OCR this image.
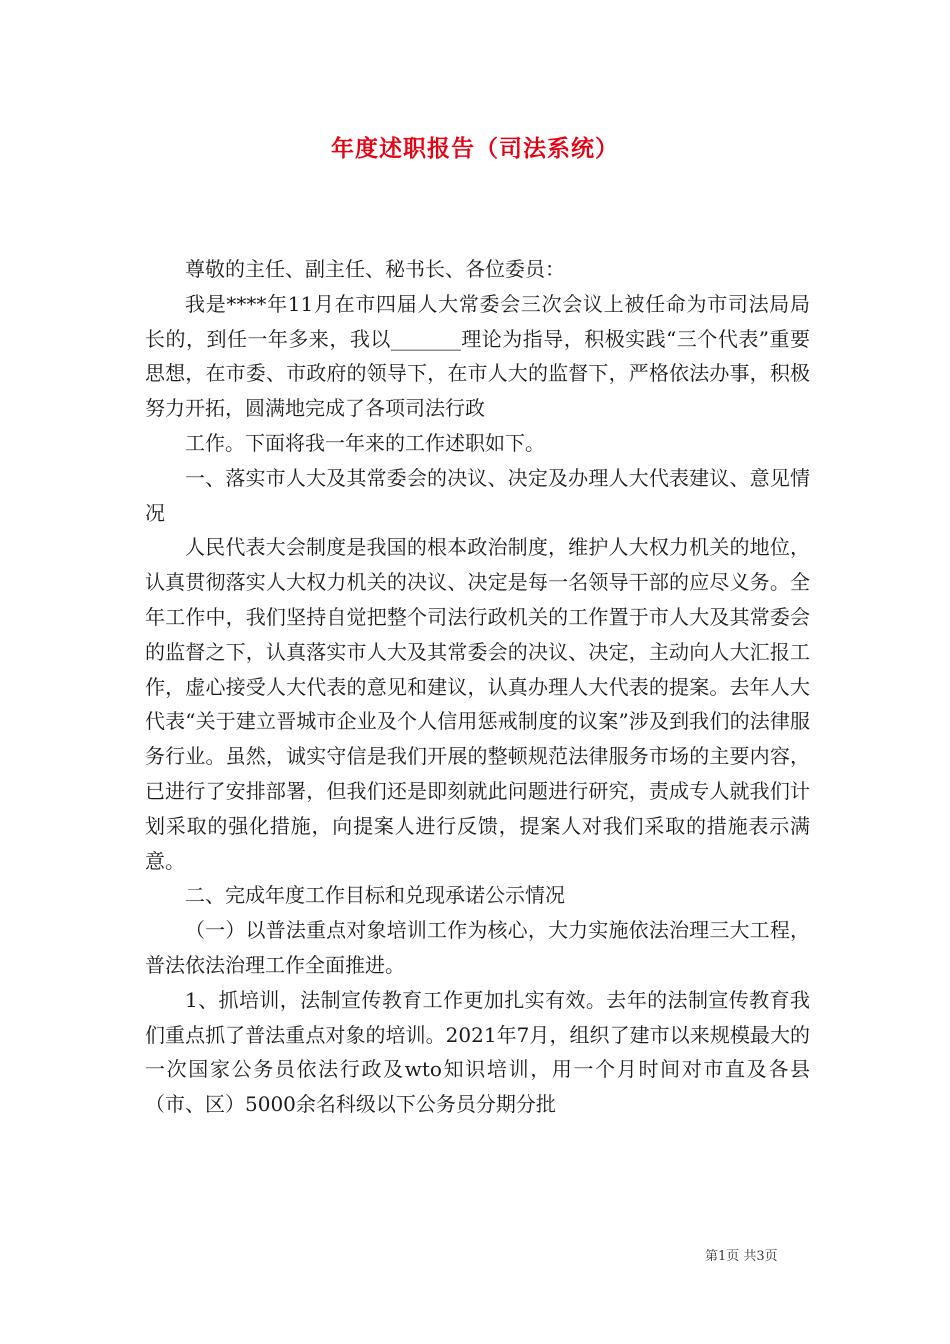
年度述职报告（司法系统）

尊敬的主任、副主任、秘书长、各位委员：

我是****年11月在市四届人大常委会三次会议上被任命为市司法局局长的，到任一年多来，我以_______理论为指导，积极实践“三个代表”重要思想，在市委、市政府的领导下，在市人大的监督下，严格依法办事，积极努力开拓，圆满地完成了各项司法行政

工作。下面将我一年来的工作述职如下。

一、落实市人大及其常委会的决议、决定及办理人大代表建议、意见情况

人民代表大会制度是我国的根本政治制度，维护人大权力机关的地位，认真贯彻落实人大权力机关的决议、决定是每一名领导干部的应尽义务。全年工作中，我们坚持自觉把整个司法行政机关的工作置于市人大及其常委会的监督之下，认真落实市人大及其常委会的决议、决定，主动向人大汇报工作，虚心接受人大代表的意见和建议，认真办理人大代表的提案。去年人大代表“关于建立晋城市企业及个人信用惩戒制度的议案”涉及到我们的法律服务行业。虽然，诚实守信是我们开展的整顿规范法律服务市场的主要内容，已进行了安排部署，但我们还是即刻就此问题进行研究，责成专人就我们计划采取的强化措施，向提案人进行反馈，提案人对我们采取的措施表示满意。

二、完成年度工作目标和兑现承诺公示情况

（一）以普法重点对象培训工作为核心，大力实施依法治理三大工程，普法依法治理工作全面推进。

1、抓培训，法制宣传教育工作更加扎实有效。去年的法制宣传教育我们重点抓了普法重点对象的培训。2021年7月，组织了建市以来规模最大的一次国家公务员依法行政及wto知识培训，用一个月时间对市直及各县（市、区）5000余名科级以下公务员分期分批

第1页 共3页
